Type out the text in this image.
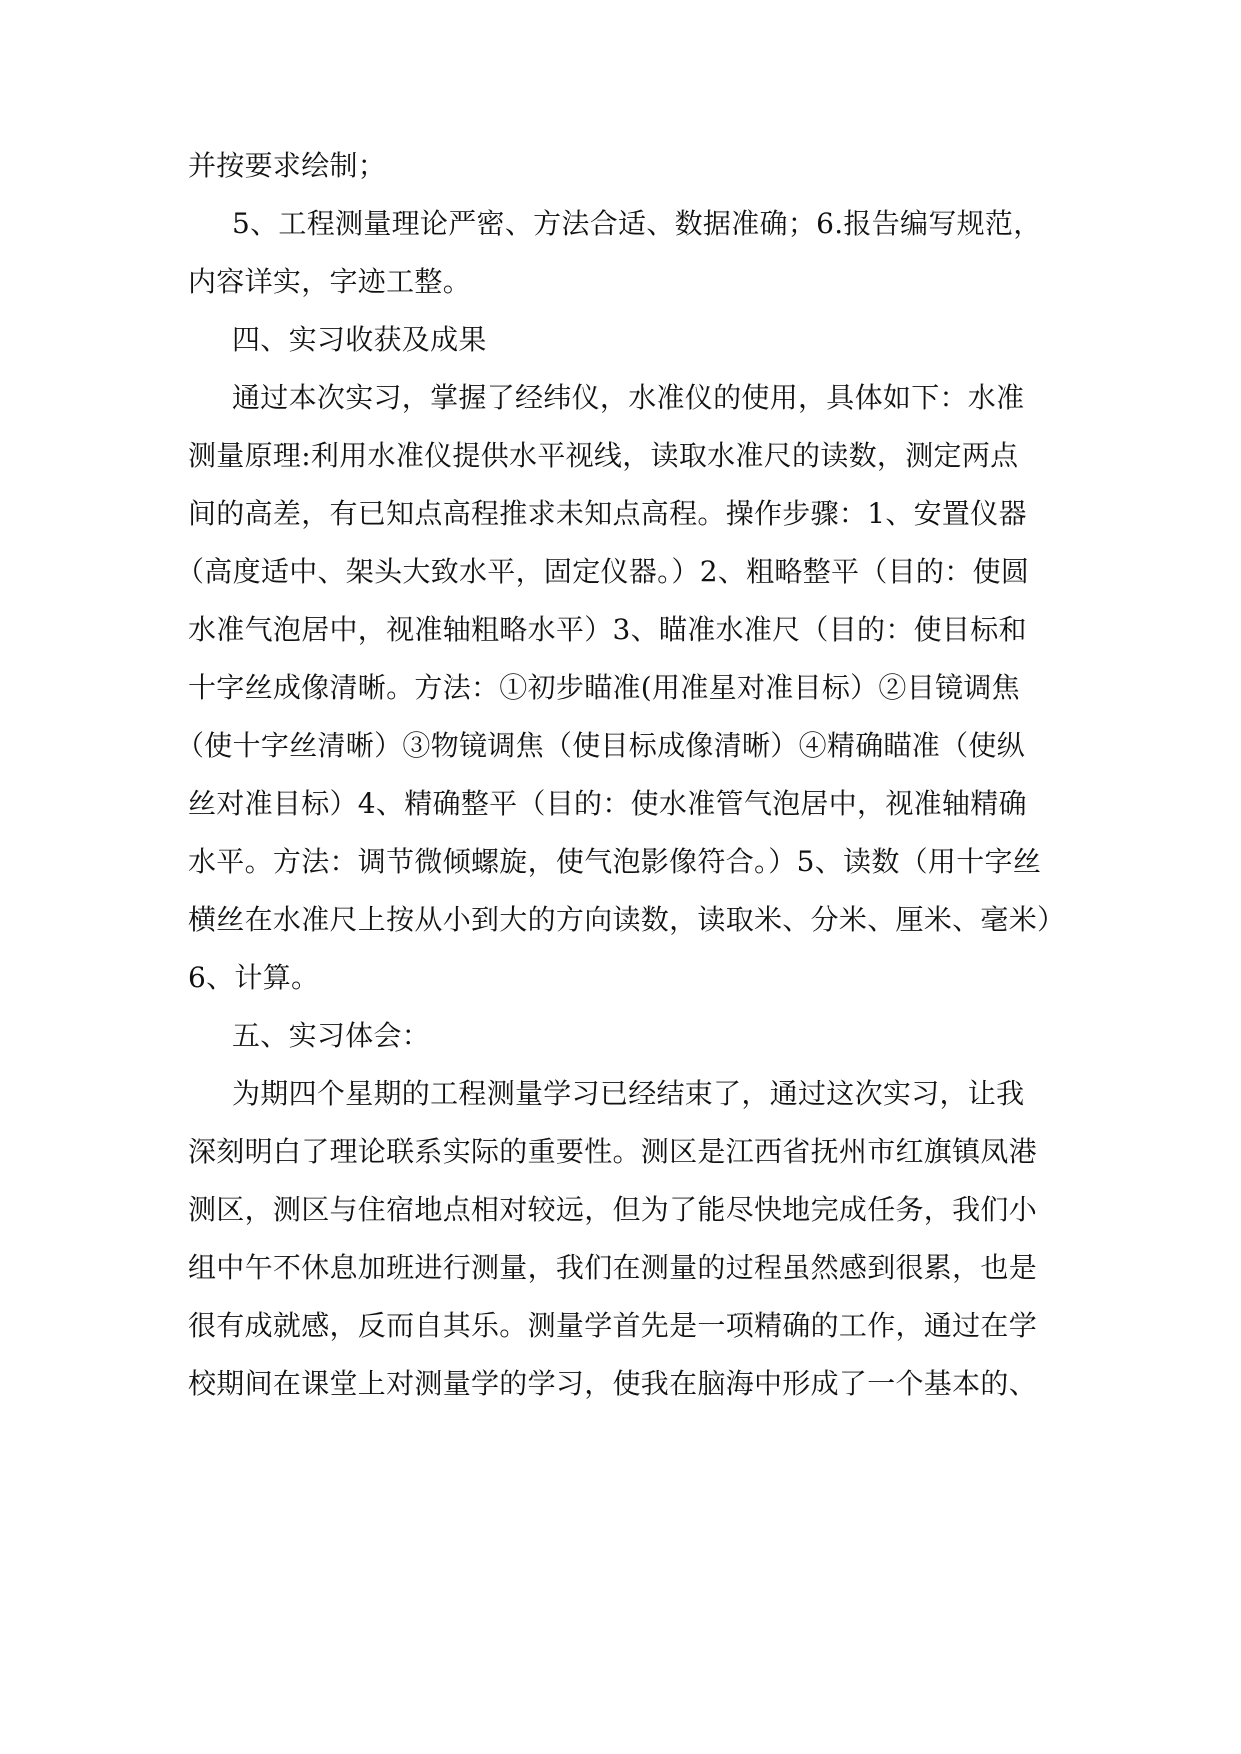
并按要求绘制；
5、工程测量理论严密、方法合适、数据准确；6.报告编写规范，
内容详实，字迹工整。
四、实习收获及成果
通过本次实习，掌握了经纬仪，水准仪的使用，具体如下：水准
测量原理:利用水准仪提供水平视线，读取水准尺的读数，测定两点
间的高差，有已知点高程推求未知点高程。操作步骤：1、安置仪器
（高度适中、架头大致水平，固定仪器。）2、粗略整平（目的：使圆
水准气泡居中，视准轴粗略水平）3、瞄准水准尺（目的：使目标和
十字丝成像清晰。方法：①初步瞄准(用准星对准目标）②目镜调焦
（使十字丝清晰）③物镜调焦（使目标成像清晰）④精确瞄准（使纵
丝对准目标）4、精确整平（目的：使水准管气泡居中，视准轴精确
水平。方法：调节微倾螺旋，使气泡影像符合。）5、读数（用十字丝
横丝在水准尺上按从小到大的方向读数，读取米、分米、厘米、毫米）
6、计算。
五、实习体会：
为期四个星期的工程测量学习已经结束了，通过这次实习，让我
深刻明白了理论联系实际的重要性。测区是江西省抚州市红旗镇凤港
测区，测区与住宿地点相对较远，但为了能尽快地完成任务，我们小
组中午不休息加班进行测量，我们在测量的过程虽然感到很累，也是
很有成就感，反而自其乐。测量学首先是一项精确的工作，通过在学
校期间在课堂上对测量学的学习，使我在脑海中形成了一个基本的、
